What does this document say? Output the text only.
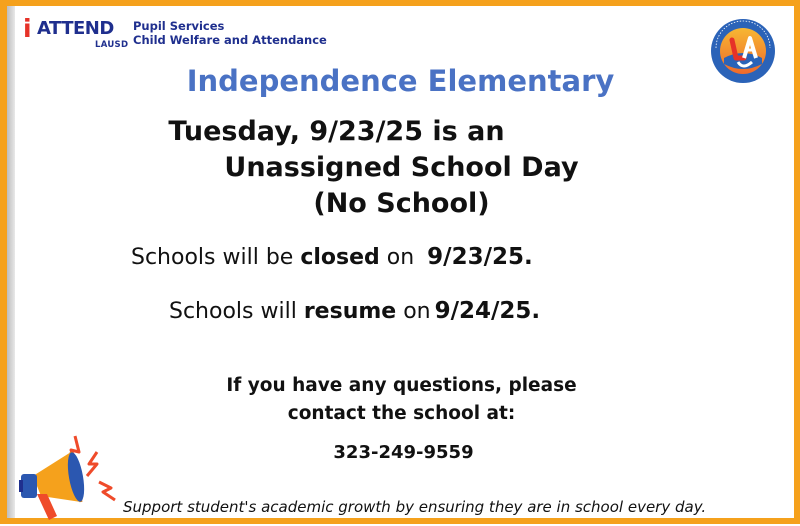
i ATTEND
LAUSD
Pupil Services
Child Welfare and Attendance
Independence Elementary
Tuesday, 9/23/25 is an
Unassigned School Day
(No School)
Schools will be closed on 9/23/25.
Schools will resume on 9/24/25.
If you have any questions, please
contact the school at:
323-249-9559
Support student's academic growth by ensuring they are in school every day.
